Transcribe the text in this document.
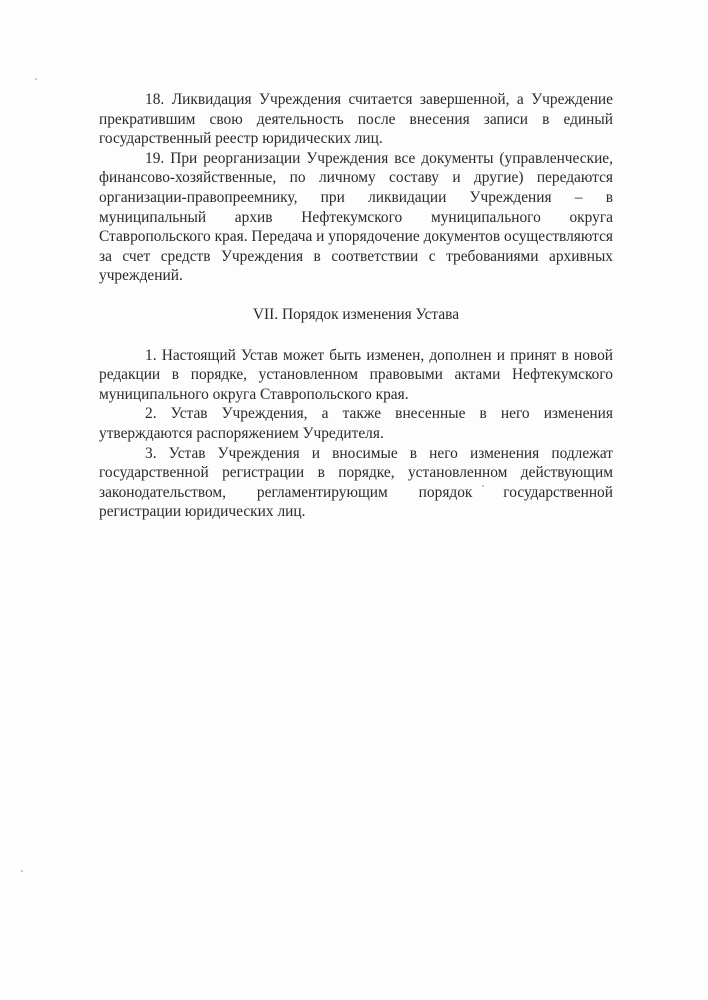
18. Ликвидация Учреждения считается завершенной, а Учреждение прекратившим свою деятельность после внесения записи в единый государственный реестр юридических лиц.

19. При реорганизации Учреждения все документы (управленческие, финансово-хозяйственные, по личному составу и другие) передаются организации-правопреемнику, при ликвидации Учреждения – в муниципальный архив Нефтекумского муниципального округа Ставропольского края. Передача и упорядочение документов осуществляются за счет средств Учреждения в соответствии с требованиями архивных учреждений.

VII. Порядок изменения Устава

1. Настоящий Устав может быть изменен, дополнен и принят в новой редакции в порядке, установленном правовыми актами Нефтекумского муниципального округа Ставропольского края.

2. Устав Учреждения, а также внесенные в него изменения утверждаются распоряжением Учредителя.

3. Устав Учреждения и вносимые в него изменения подлежат государственной регистрации в порядке, установленном действующим законодательством, регламентирующим порядок государственной регистрации юридических лиц.
